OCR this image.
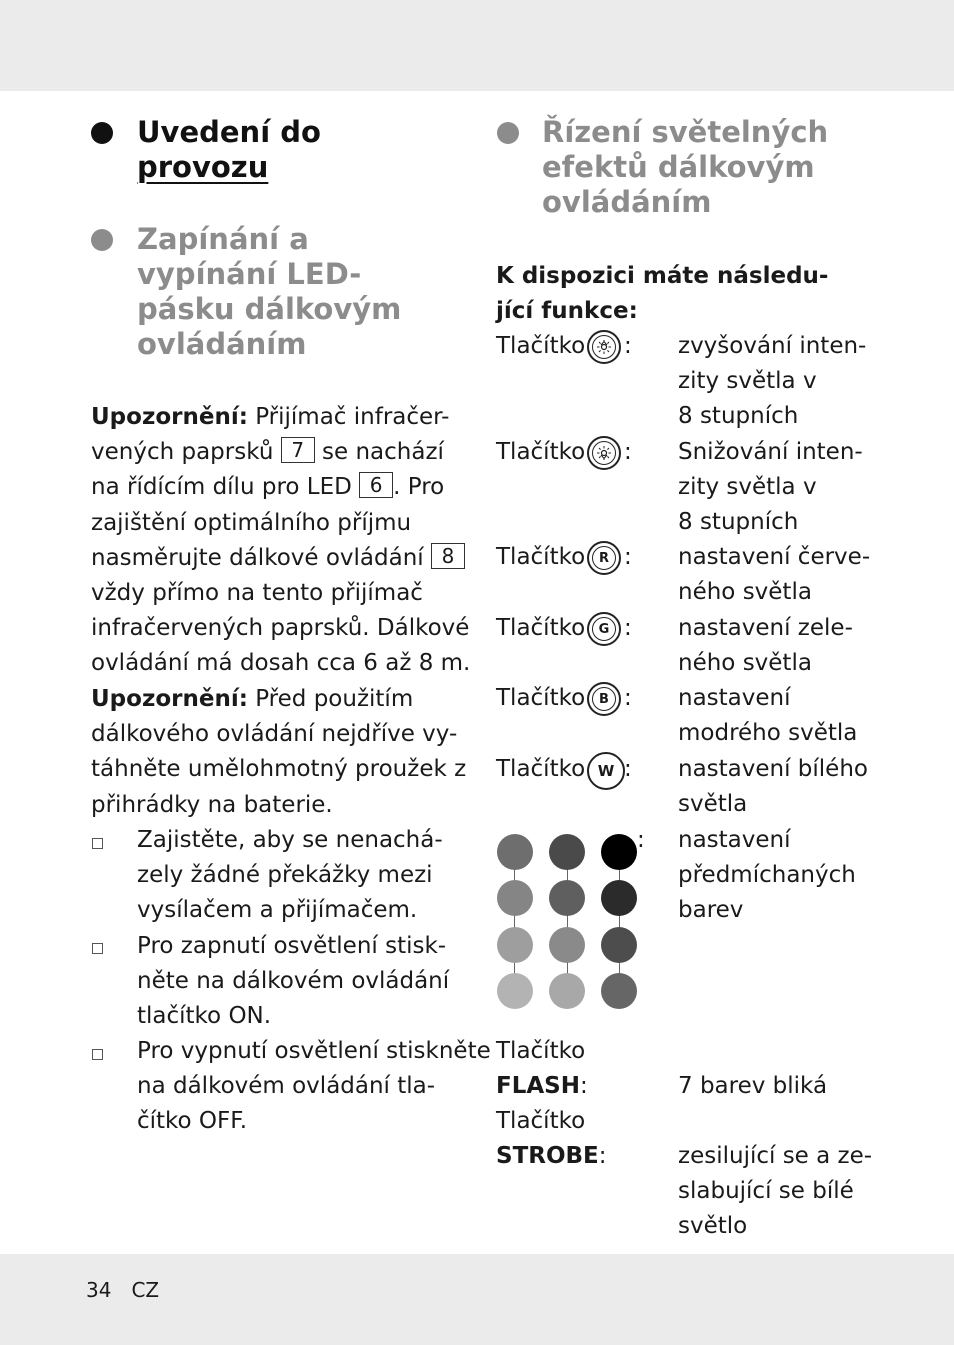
Uvedení do
provozu
Zapínání a
vypínání LED-
pásku dálkovým
ovládáním
Upozornění: Přijímač infračer-
vených paprsků 7 se nachází
na řídícím dílu pro LED 6 . Pro
zajištění optimálního příjmu
nasměrujte dálkové ovládání 8
vždy přímo na tento přijímač
infračervených paprsků. Dálkové
ovládání má dosah cca 6 až 8 m.
Upozornění: Před použitím
dálkového ovládání nejdříve vy-
táhněte umělohmotný proužek z
přihrádky na baterie.
Zajistěte, aby se nenachá-
zely žádné překážky mezi
vysílačem a přijímačem.
Pro zapnutí osvětlení stisk-
něte na dálkovém ovládání
tlačítko ON.
Pro vypnutí osvětlení stiskněte
na dálkovém ovládání tla-
čítko OFF.
Řízení světelných
efektů dálkovým
ovládáním
K dispozici máte následu-
jící funkce:
Tlačítko : zvyšování inten-
zity světla v
8 stupních
Tlačítko : Snižování inten-
zity světla v
8 stupních
Tlačítko	R : nastavení červe-
ného světla
Tlačítko	G : nastavení zele-
ného světla
Tlačítko	B : nastavení
modrého světla
Tlačítko W : nastavení bílého
světla
: nastavení
předmíchaných
barev
Tlačítko
FLASH:	7 barev bliká
Tlačítko
STROBE:	zesilující se a ze-
slabující se bílé
světlo
34 CZ
